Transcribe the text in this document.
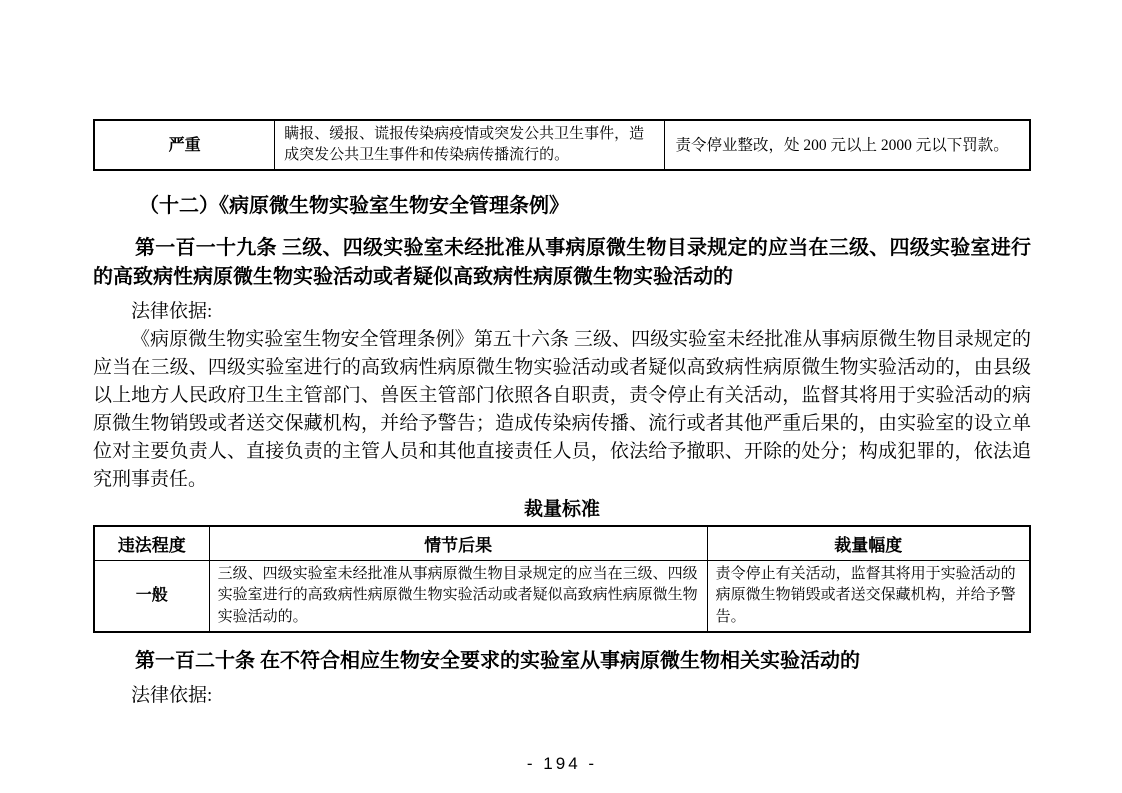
严重	瞒报、缓报、谎报传染病疫情或突发公共卫生事件，造成突发公共卫生事件和传染病传播流行的。	责令停业整改，处 200 元以上 2000 元以下罚款。
（十二）《病原微生物实验室生物安全管理条例》
第一百一十九条 三级、四级实验室未经批准从事病原微生物目录规定的应当在三级、四级实验室进行的高致病性病原微生物实验活动或者疑似高致病性病原微生物实验活动的

法律依据:

《病原微生物实验室生物安全管理条例》第五十六条 三级、四级实验室未经批准从事病原微生物目录规定的应当在三级、四级实验室进行的高致病性病原微生物实验活动或者疑似高致病性病原微生物实验活动的，由县级以上地方人民政府卫生主管部门、兽医主管部门依照各自职责，责令停止有关活动，监督其将用于实验活动的病原微生物销毁或者送交保藏机构，并给予警告；造成传染病传播、流行或者其他严重后果的，由实验室的设立单位对主要负责人、直接负责的主管人员和其他直接责任人员，依法给予撤职、开除的处分；构成犯罪的，依法追究刑事责任。

裁量标准
违法程度	情节后果	裁量幅度
一般	三级、四级实验室未经批准从事病原微生物目录规定的应当在三级、四级实验室进行的高致病性病原微生物实验活动或者疑似高致病性病原微生物实验活动的。	责令停止有关活动，监督其将用于实验活动的病原微生物销毁或者送交保藏机构，并给予警告。
第一百二十条 在不符合相应生物安全要求的实验室从事病原微生物相关实验活动的

法律依据:

- 194 -
